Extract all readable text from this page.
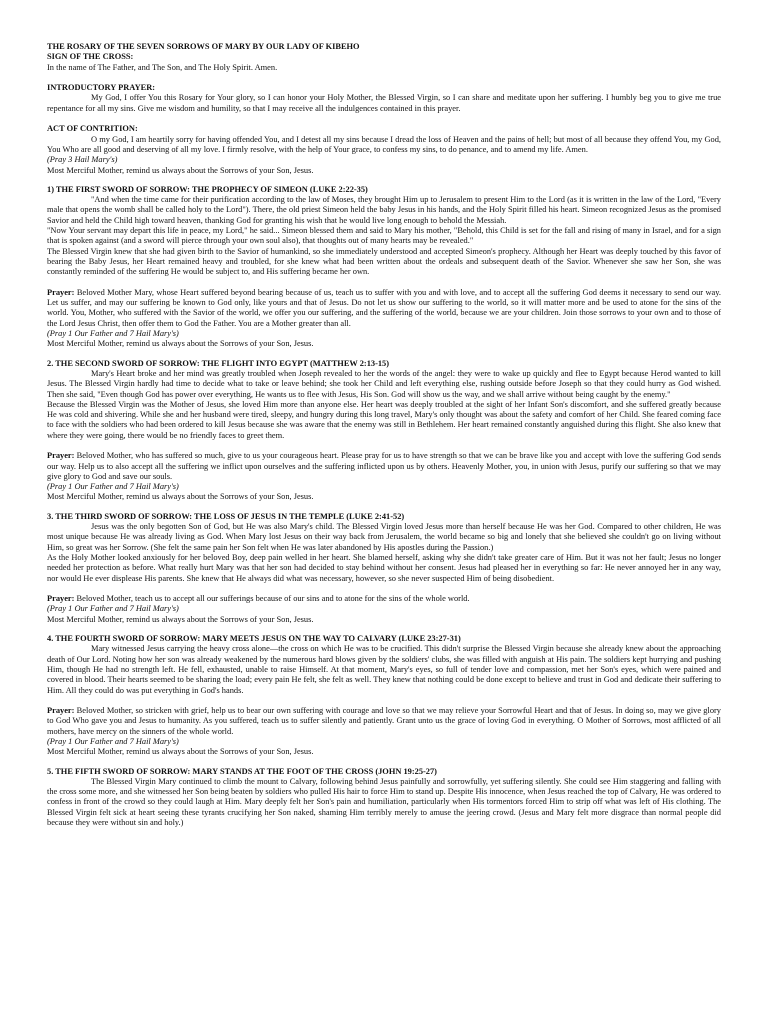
THE ROSARY OF THE SEVEN SORROWS OF MARY BY OUR LADY OF KIBEHO

SIGN OF THE CROSS:

In the name of The Father, and The Son, and The Holy Spirit. Amen.

INTRODUCTORY PRAYER:

My God, I offer You this Rosary for Your glory, so I can honor your Holy Mother, the Blessed Virgin, so I can share and meditate upon her suffering. I humbly beg you to give me true repentance for all my sins. Give me wisdom and humility, so that I may receive all the indulgences contained in this prayer.

ACT OF CONTRITION:

O my God, I am heartily sorry for having offended You, and I detest all my sins because I dread the loss of Heaven and the pains of hell; but most of all because they offend You, my God, You Who are all good and deserving of all my love. I firmly resolve, with the help of Your grace, to confess my sins, to do penance, and to amend my life. Amen.

(Pray 3 Hail Mary's)

Most Merciful Mother, remind us always about the Sorrows of your Son, Jesus.

1) THE FIRST SWORD OF SORROW: THE PROPHECY OF SIMEON (LUKE 2:22-35)

"And when the time came for their purification according to the law of Moses, they brought Him up to Jerusalem to present Him to the Lord (as it is written in the law of the Lord, "Every male that opens the womb shall be called holy to the Lord"). There, the old priest Simeon held the baby Jesus in his hands, and the Holy Spirit filled his heart. Simeon recognized Jesus as the promised Savior and held the Child high toward heaven, thanking God for granting his wish that he would live long enough to behold the Messiah.

"Now Your servant may depart this life in peace, my Lord," he said... Simeon blessed them and said to Mary his mother, "Behold, this Child is set for the fall and rising of many in Israel, and for a sign that is spoken against (and a sword will pierce through your own soul also), that thoughts out of many hearts may be revealed."

The Blessed Virgin knew that she had given birth to the Savior of humankind, so she immediately understood and accepted Simeon's prophecy. Although her Heart was deeply touched by this favor of bearing the Baby Jesus, her Heart remained heavy and troubled, for she knew what had been written about the ordeals and subsequent death of the Savior. Whenever she saw her Son, she was constantly reminded of the suffering He would be subject to, and His suffering became her own.

Prayer: Beloved Mother Mary, whose Heart suffered beyond bearing because of us, teach us to suffer with you and with love, and to accept all the suffering God deems it necessary to send our way. Let us suffer, and may our suffering be known to God only, like yours and that of Jesus. Do not let us show our suffering to the world, so it will matter more and be used to atone for the sins of the world. You, Mother, who suffered with the Savior of the world, we offer you our suffering, and the suffering of the world, because we are your children. Join those sorrows to your own and to those of the Lord Jesus Christ, then offer them to God the Father. You are a Mother greater than all.

(Pray 1 Our Father and 7 Hail Mary's)

Most Merciful Mother, remind us always about the Sorrows of your Son, Jesus.

2. THE SECOND SWORD OF SORROW: THE FLIGHT INTO EGYPT (MATTHEW 2:13-15)

Mary's Heart broke and her mind was greatly troubled when Joseph revealed to her the words of the angel: they were to wake up quickly and flee to Egypt because Herod wanted to kill Jesus. The Blessed Virgin hardly had time to decide what to take or leave behind; she took her Child and left everything else, rushing outside before Joseph so that they could hurry as God wished. Then she said, "Even though God has power over everything, He wants us to flee with Jesus, His Son. God will show us the way, and we shall arrive without being caught by the enemy."

Because the Blessed Virgin was the Mother of Jesus, she loved Him more than anyone else. Her heart was deeply troubled at the sight of her Infant Son's discomfort, and she suffered greatly because He was cold and shivering. While she and her husband were tired, sleepy, and hungry during this long travel, Mary's only thought was about the safety and comfort of her Child. She feared coming face to face with the soldiers who had been ordered to kill Jesus because she was aware that the enemy was still in Bethlehem. Her heart remained constantly anguished during this flight. She also knew that where they were going, there would be no friendly faces to greet them.

Prayer: Beloved Mother, who has suffered so much, give to us your courageous heart. Please pray for us to have strength so that we can be brave like you and accept with love the suffering God sends our way. Help us to also accept all the suffering we inflict upon ourselves and the suffering inflicted upon us by others. Heavenly Mother, you, in union with Jesus, purify our suffering so that we may give glory to God and save our souls.

(Pray 1 Our Father and 7 Hail Mary's)

Most Merciful Mother, remind us always about the Sorrows of your Son, Jesus.

3. THE THIRD SWORD OF SORROW: THE LOSS OF JESUS IN THE TEMPLE (LUKE 2:41-52)

Jesus was the only begotten Son of God, but He was also Mary's child. The Blessed Virgin loved Jesus more than herself because He was her God. Compared to other children, He was most unique because He was already living as God. When Mary lost Jesus on their way back from Jerusalem, the world became so big and lonely that she believed she couldn't go on living without Him, so great was her Sorrow. (She felt the same pain her Son felt when He was later abandoned by His apostles during the Passion.)

As the Holy Mother looked anxiously for her beloved Boy, deep pain welled in her heart. She blamed herself, asking why she didn't take greater care of Him. But it was not her fault; Jesus no longer needed her protection as before. What really hurt Mary was that her son had decided to stay behind without her consent. Jesus had pleased her in everything so far: He never annoyed her in any way, nor would He ever displease His parents. She knew that He always did what was necessary, however, so she never suspected Him of being disobedient.

Prayer: Beloved Mother, teach us to accept all our sufferings because of our sins and to atone for the sins of the whole world.

(Pray 1 Our Father and 7 Hail Mary's)

Most Merciful Mother, remind us always about the Sorrows of your Son, Jesus.

4. THE FOURTH SWORD OF SORROW: MARY MEETS JESUS ON THE WAY TO CALVARY (LUKE 23:27-31)

Mary witnessed Jesus carrying the heavy cross alone—the cross on which He was to be crucified. This didn't surprise the Blessed Virgin because she already knew about the approaching death of Our Lord. Noting how her son was already weakened by the numerous hard blows given by the soldiers' clubs, she was filled with anguish at His pain. The soldiers kept hurrying and pushing Him, though He had no strength left. He fell, exhausted, unable to raise Himself. At that moment, Mary's eyes, so full of tender love and compassion, met her Son's eyes, which were pained and covered in blood. Their hearts seemed to be sharing the load; every pain He felt, she felt as well. They knew that nothing could be done except to believe and trust in God and dedicate their suffering to Him. All they could do was put everything in God's hands.

Prayer: Beloved Mother, so stricken with grief, help us to bear our own suffering with courage and love so that we may relieve your Sorrowful Heart and that of Jesus. In doing so, may we give glory to God Who gave you and Jesus to humanity. As you suffered, teach us to suffer silently and patiently. Grant unto us the grace of loving God in everything. O Mother of Sorrows, most afflicted of all mothers, have mercy on the sinners of the whole world.

(Pray 1 Our Father and 7 Hail Mary's)

Most Merciful Mother, remind us always about the Sorrows of your Son, Jesus.

5. THE FIFTH SWORD OF SORROW: MARY STANDS AT THE FOOT OF THE CROSS (JOHN 19:25-27)

The Blessed Virgin Mary continued to climb the mount to Calvary, following behind Jesus painfully and sorrowfully, yet suffering silently. She could see Him staggering and falling with the cross some more, and she witnessed her Son being beaten by soldiers who pulled His hair to force Him to stand up. Despite His innocence, when Jesus reached the top of Calvary, He was ordered to confess in front of the crowd so they could laugh at Him. Mary deeply felt her Son's pain and humiliation, particularly when His tormentors forced Him to strip off what was left of His clothing. The Blessed Virgin felt sick at heart seeing these tyrants crucifying her Son naked, shaming Him terribly merely to amuse the jeering crowd. (Jesus and Mary felt more disgrace than normal people did because they were without sin and holy.)
